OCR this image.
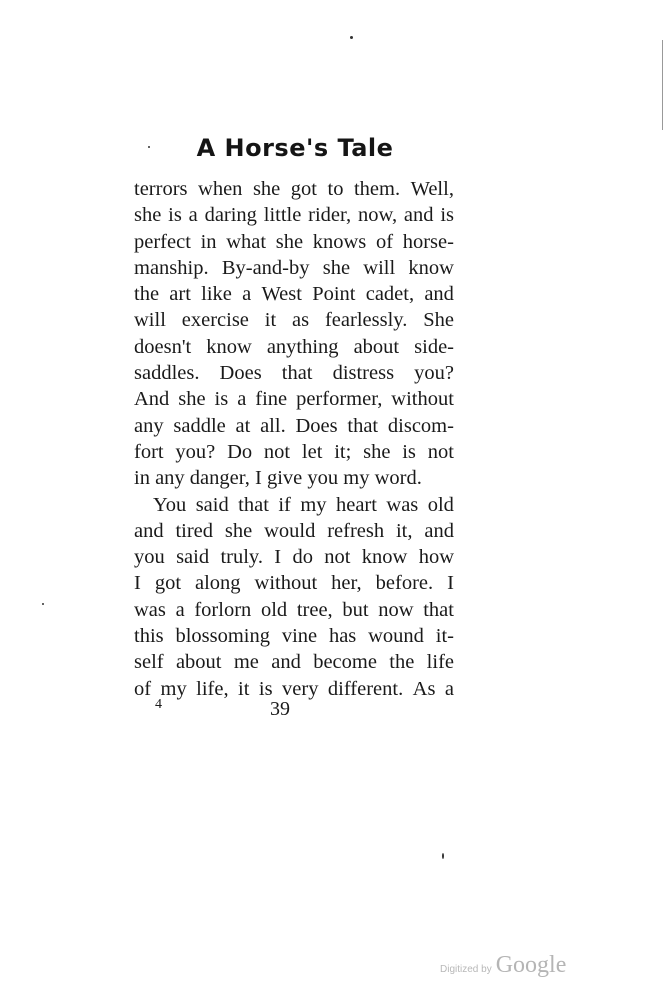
A Horse's Tale
terrors when she got to them. Well,
she is a daring little rider, now, and is
perfect in what she knows of horse-
manship. By-and-by she will know
the art like a West Point cadet, and
will exercise it as fearlessly. She
doesn't know anything about side-
saddles. Does that distress you?
And she is a fine performer, without
any saddle at all. Does that discom-
fort you? Do not let it; she is not
in any danger, I give you my word.
You said that if my heart was old
and tired she would refresh it, and
you said truly. I do not know how
I got along without her, before. I
was a forlorn old tree, but now that
this blossoming vine has wound it-
self about me and become the life
of my life, it is very different. As a
4	39
Digitized by Google
